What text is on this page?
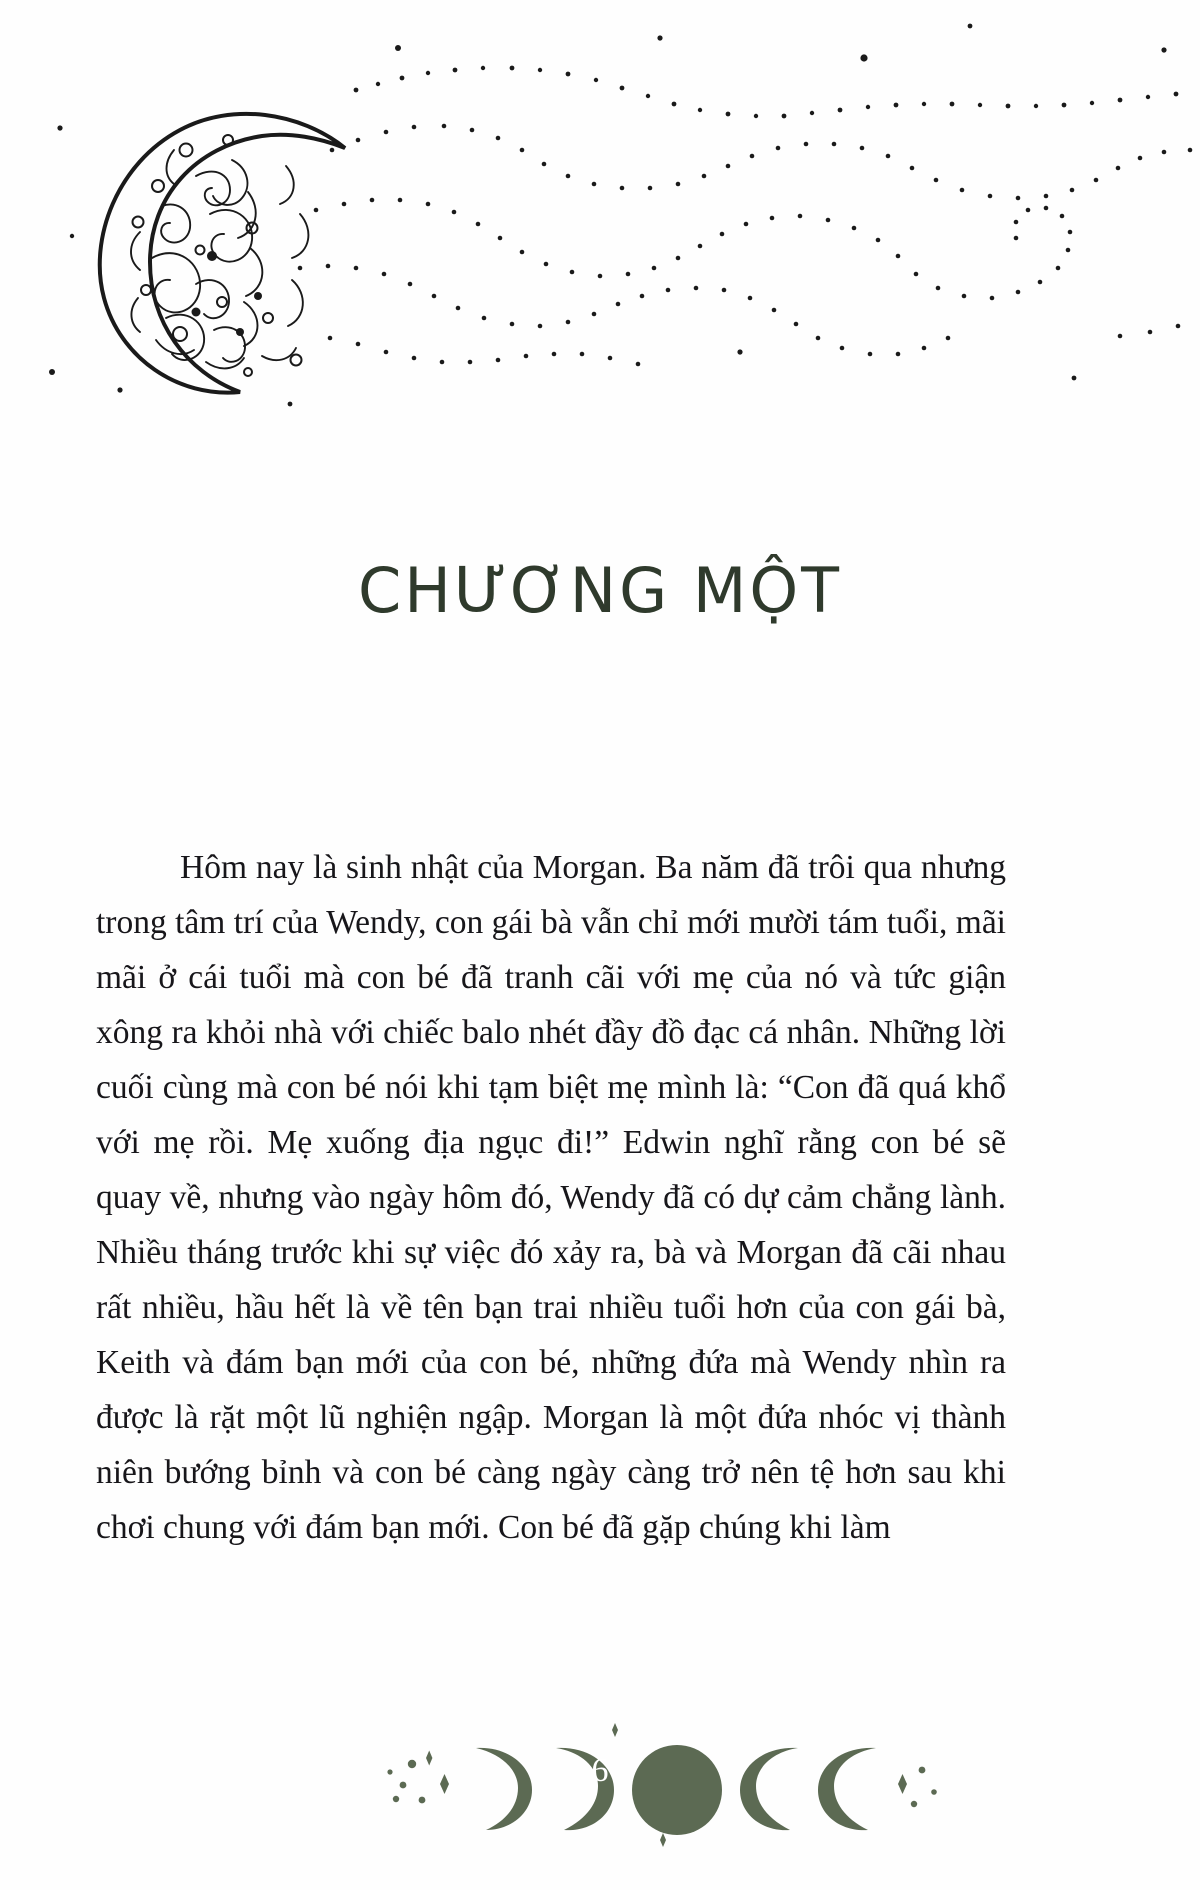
CHƯƠNG MỘT

Hôm nay là sinh nhật của Morgan. Ba năm đã trôi qua nhưng trong tâm trí của Wendy, con gái bà vẫn chỉ mới mười tám tuổi, mãi mãi ở cái tuổi mà con bé đã tranh cãi với mẹ của nó và tức giận xông ra khỏi nhà với chiếc balo nhét đầy đồ đạc cá nhân. Những lời cuối cùng mà con bé nói khi tạm biệt mẹ mình là: “Con đã quá khổ với mẹ rồi. Mẹ xuống địa ngục đi!” Edwin nghĩ rằng con bé sẽ quay về, nhưng vào ngày hôm đó, Wendy đã có dự cảm chẳng lành. Nhiều tháng trước khi sự việc đó xảy ra, bà và Morgan đã cãi nhau rất nhiều, hầu hết là về tên bạn trai nhiều tuổi hơn của con gái bà, Keith và đám bạn mới của con bé, những đứa mà Wendy nhìn ra được là rặt một lũ nghiện ngập. Morgan là một đứa nhóc vị thành niên bướng bỉnh và con bé càng ngày càng trở nên tệ hơn sau khi chơi chung với đám bạn mới. Con bé đã gặp chúng khi làm

6
